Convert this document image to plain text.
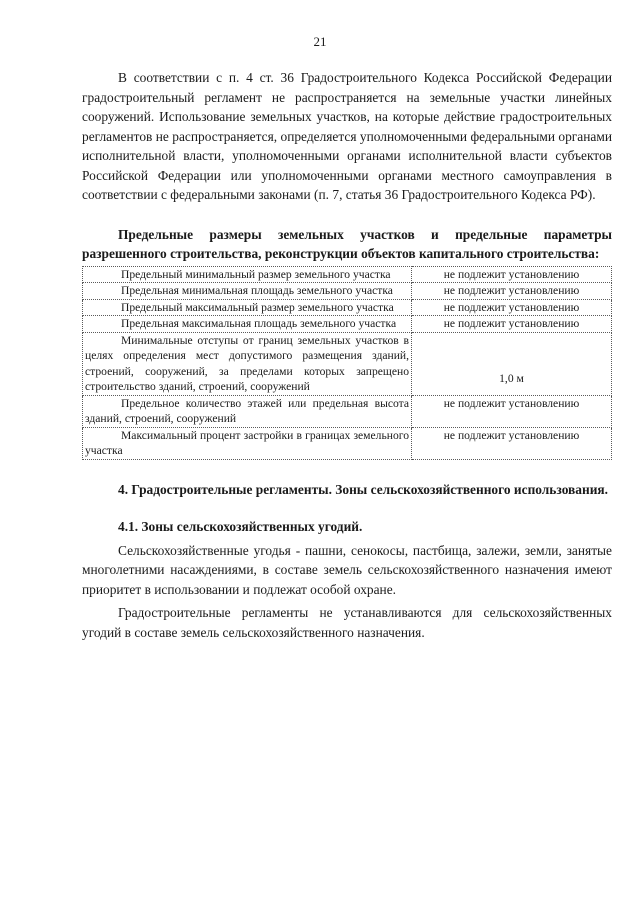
21

В соответствии с п. 4 ст. 36 Градостроительного Кодекса Российской Федерации градостроительный регламент не распространяется на земельные участки линейных сооружений. Использование земельных участков, на которые действие градостроительных регламентов не распространяется, определяется уполномоченными федеральными органами исполнительной власти, уполномоченными органами исполнительной власти субъектов Российской Федерации или уполномоченными органами местного самоуправления в соответствии с федеральными законами (п. 7, статья 36 Градостроительного Кодекса РФ).

Предельные размеры земельных участков и предельные параметры разрешенного строительства, реконструкции объектов капитального строительства:

Предельный минимальный размер земельного участка	не подлежит установлению

Предельная минимальная площадь земельного участка	не подлежит установлению

Предельный максимальный размер земельного участка	не подлежит установлению

Предельная максимальная площадь земельного участка	не подлежит установлению

Минимальные отступы от границ земельных участков в целях определения мест допустимого размещения зданий, строений, сооружений, за пределами которых запрещено строительство зданий, строений, сооружений	1,0 м

Предельное количество этажей или предельная высота зданий, строений, сооружений	не подлежит установлению

Максимальный процент застройки в границах земельного участка	не подлежит установлению

4. Градостроительные регламенты. Зоны сельскохозяйственного использования.

4.1. Зоны сельскохозяйственных угодий.

Сельскохозяйственные угодья - пашни, сенокосы, пастбища, залежи, земли, занятые многолетними насаждениями, в составе земель сельскохозяйственного назначения имеют приоритет в использовании и подлежат особой охране.

Градостроительные регламенты не устанавливаются для сельскохозяйственных угодий в составе земель сельскохозяйственного назначения.
